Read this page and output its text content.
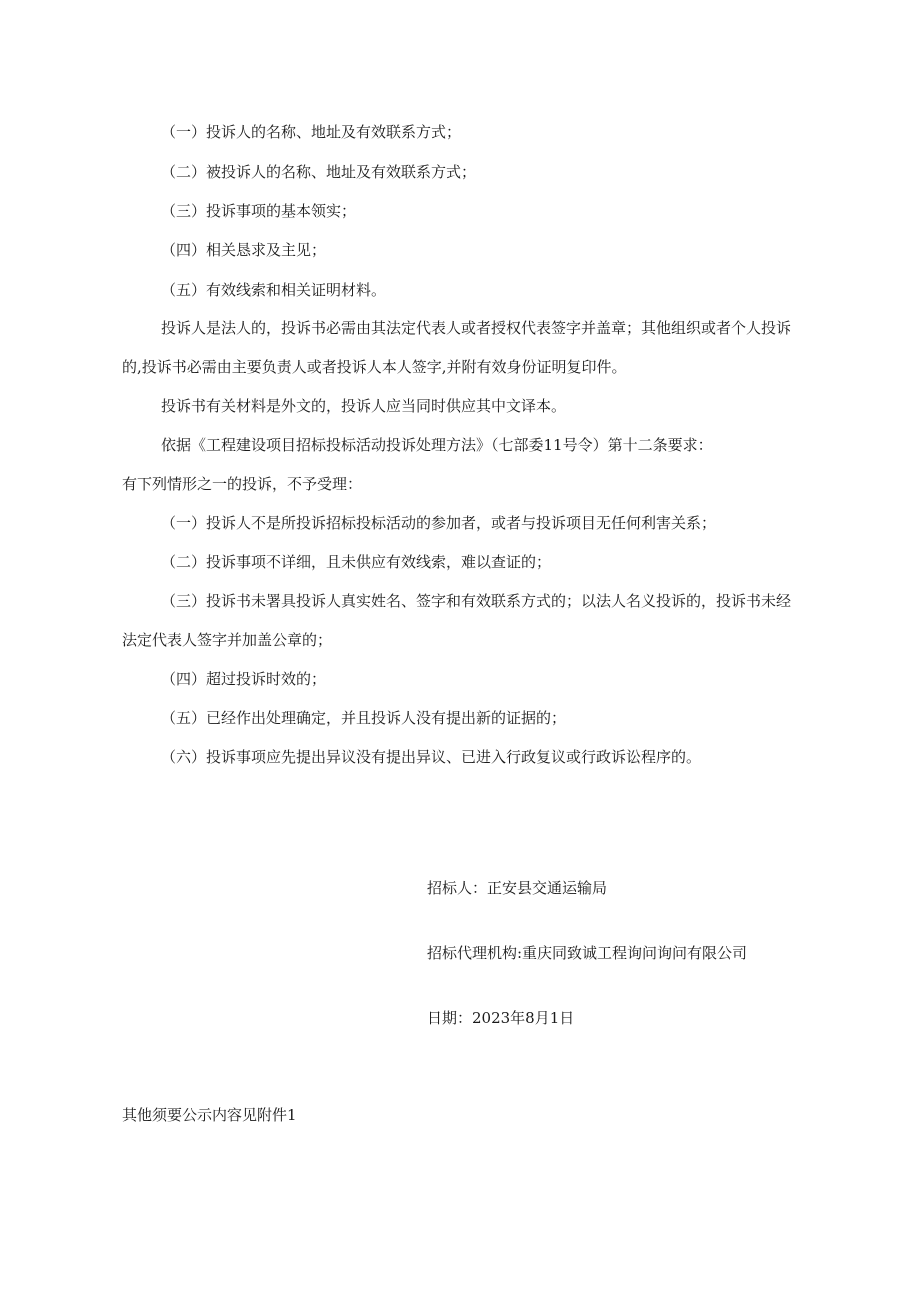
（一）投诉人的名称、地址及有效联系方式；

（二）被投诉人的名称、地址及有效联系方式；

（三）投诉事项的基本领实；

（四）相关恳求及主见；

（五）有效线索和相关证明材料。

投诉人是法人的，投诉书必需由其法定代表人或者授权代表签字并盖章；其他组织或者个人投诉

的,投诉书必需由主要负责人或者投诉人本人签字,并附有效身份证明复印件。

投诉书有关材料是外文的，投诉人应当同时供应其中文译本。

依据《工程建设项目招标投标活动投诉处理方法》（七部委11号令）第十二条要求：

有下列情形之一的投诉，不予受理：

（一）投诉人不是所投诉招标投标活动的参加者，或者与投诉项目无任何利害关系；

（二）投诉事项不详细，且未供应有效线索，难以查证的；

（三）投诉书未署具投诉人真实姓名、签字和有效联系方式的；以法人名义投诉的，投诉书未经

法定代表人签字并加盖公章的；

（四）超过投诉时效的；

（五）已经作出处理确定，并且投诉人没有提出新的证据的；

（六）投诉事项应先提出异议没有提出异议、已进入行政复议或行政诉讼程序的。

招标人：正安县交通运输局

招标代理机构:重庆同致诚工程询问询问有限公司

日期：2023年8月1日

其他须要公示内容见附件1
